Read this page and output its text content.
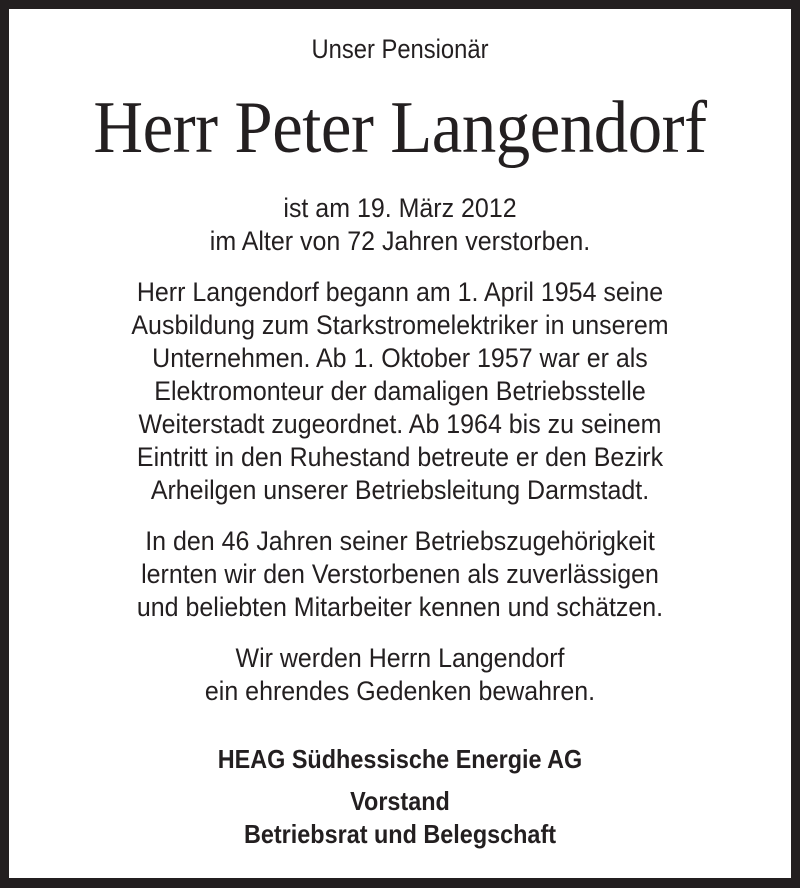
Unser Pensionär
Herr Peter Langendorf
ist am 19. März 2012
im Alter von 72 Jahren verstorben.
Herr Langendorf begann am 1. April 1954 seine
Ausbildung zum Starkstromelektriker in unserem
Unternehmen. Ab 1. Oktober 1957 war er als
Elektromonteur der damaligen Betriebsstelle
Weiterstadt zugeordnet. Ab 1964 bis zu seinem
Eintritt in den Ruhestand betreute er den Bezirk
Arheilgen unserer Betriebsleitung Darmstadt.
In den 46 Jahren seiner Betriebszugehörigkeit
lernten wir den Verstorbenen als zuverlässigen
und beliebten Mitarbeiter kennen und schätzen.
Wir werden Herrn Langendorf
ein ehrendes Gedenken bewahren.
HEAG Südhessische Energie AG
Vorstand
Betriebsrat und Belegschaft
